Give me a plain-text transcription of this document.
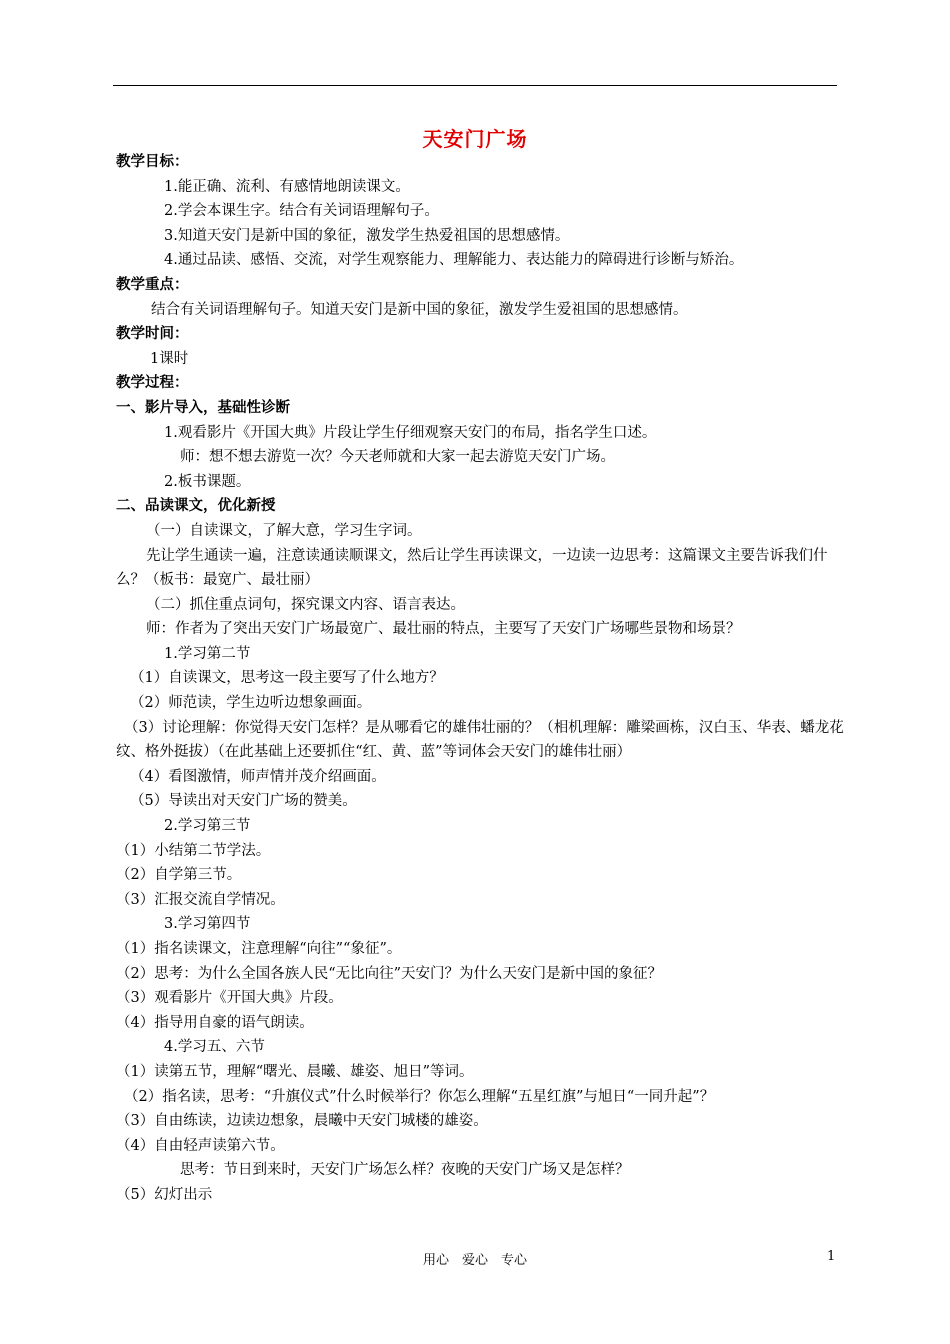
天安门广场
教学目标：
1.能正确、流利、有感情地朗读课文。
2.学会本课生字。结合有关词语理解句子。
3.知道天安门是新中国的象征，激发学生热爱祖国的思想感情。
4.通过品读、感悟、交流，对学生观察能力、理解能力、表达能力的障碍进行诊断与矫治。
教学重点：
结合有关词语理解句子。知道天安门是新中国的象征，激发学生爱祖国的思想感情。
教学时间：
1课时
教学过程：
一、影片导入，基础性诊断
1.观看影片《开国大典》片段让学生仔细观察天安门的布局，指名学生口述。
师：想不想去游览一次？今天老师就和大家一起去游览天安门广场。
2.板书课题。
二、品读课文，优化新授
（一）自读课文，了解大意，学习生字词。
先让学生通读一遍，注意读通读顺课文，然后让学生再读课文，一边读一边思考：这篇课文主要告诉我们什么？（板书：最宽广、最壮丽）
（二）抓住重点词句，探究课文内容、语言表达。
师：作者为了突出天安门广场最宽广、最壮丽的特点，主要写了天安门广场哪些景物和场景？
1.学习第二节
（1）自读课文，思考这一段主要写了什么地方？
（2）师范读，学生边听边想象画面。
（3）讨论理解：你觉得天安门怎样？是从哪看它的雄伟壮丽的？（相机理解：雕梁画栋，汉白玉、华表、蟠龙花纹、格外挺拔）（在此基础上还要抓住“红、黄、蓝”等词体会天安门的雄伟壮丽）
（4）看图激情，师声情并茂介绍画面。
（5）导读出对天安门广场的赞美。
2.学习第三节
（1）小结第二节学法。
（2）自学第三节。
（3）汇报交流自学情况。
3.学习第四节
（1）指名读课文，注意理解“向往”“象征”。
（2）思考：为什么全国各族人民“无比向往”天安门？为什么天安门是新中国的象征？
（3）观看影片《开国大典》片段。
（4）指导用自豪的语气朗读。
4.学习五、六节
（1）读第五节，理解“曙光、晨曦、雄姿、旭日”等词。
（2）指名读，思考：“升旗仪式”什么时候举行？你怎么理解“五星红旗”与旭日“一同升起”？
（3）自由练读，边读边想象，晨曦中天安门城楼的雄姿。
（4）自由轻声读第六节。
思考：节日到来时，天安门广场怎么样？夜晚的天安门广场又是怎样？
（5）幻灯出示
用心　爱心　专心	1
